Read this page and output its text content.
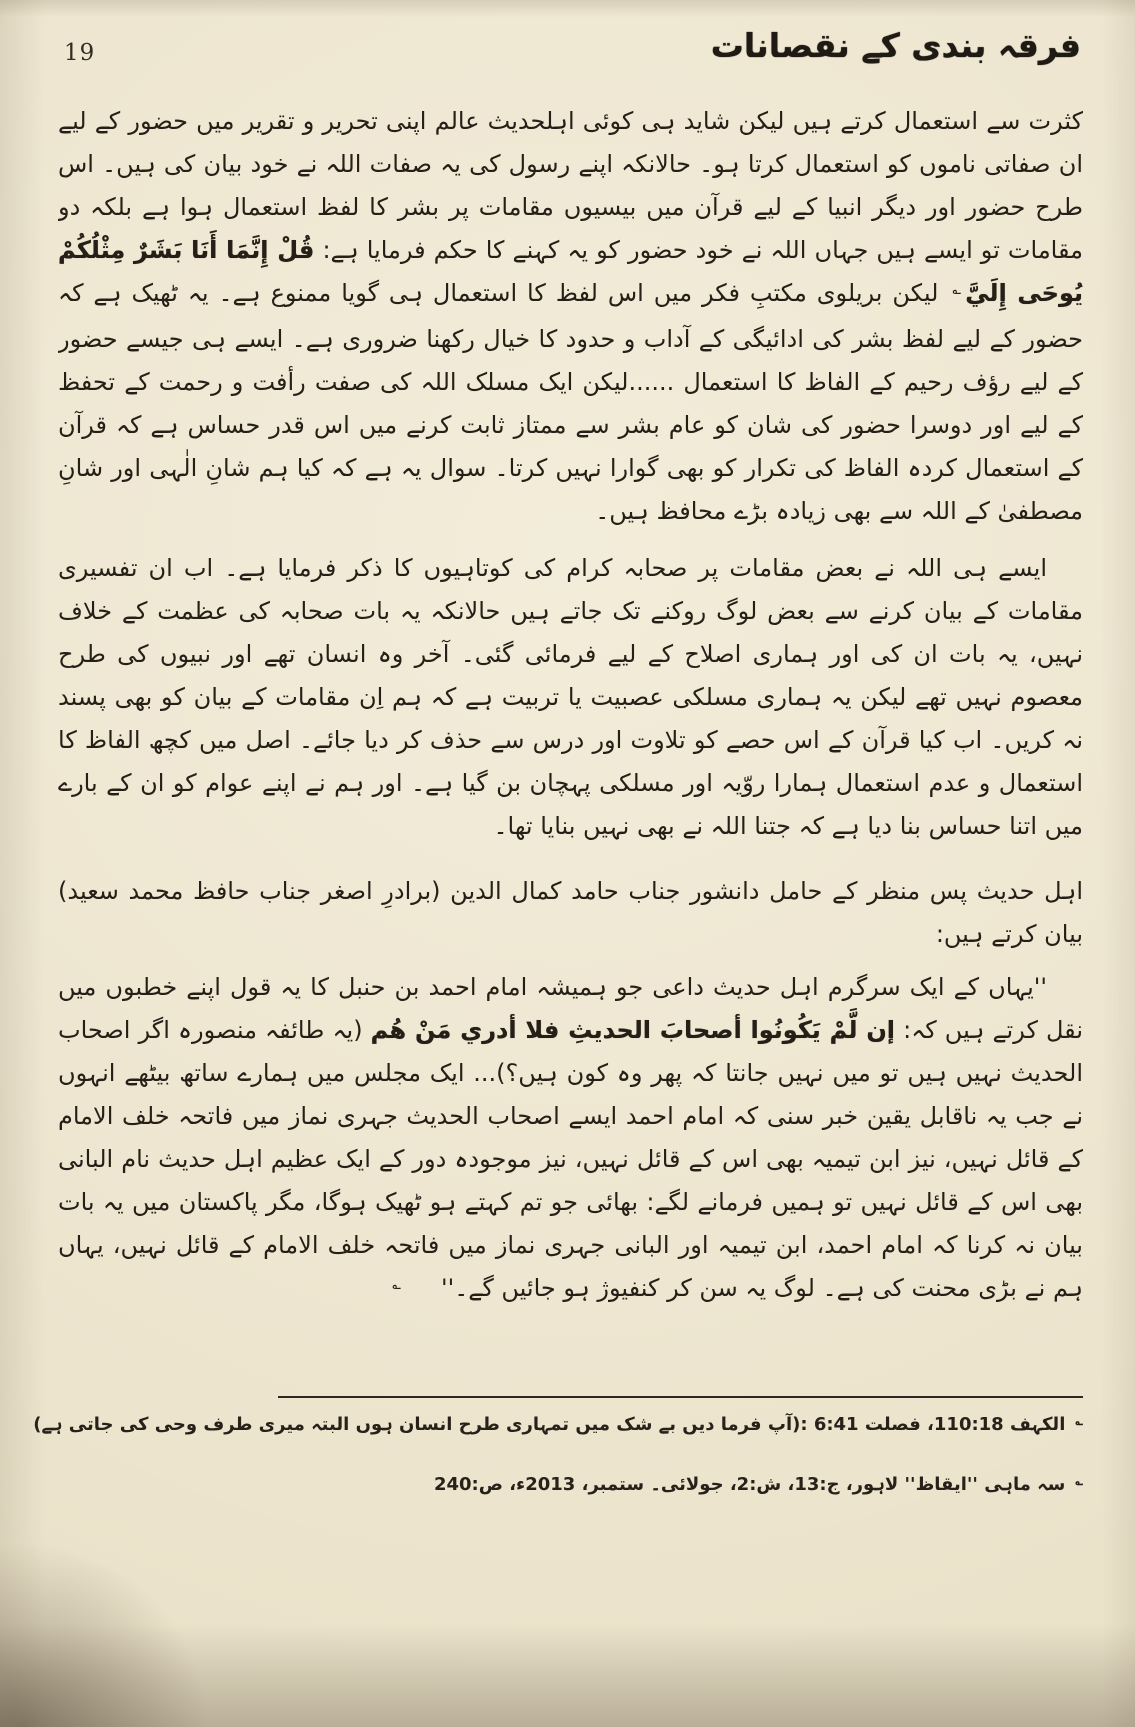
19	فرقہ بندی کے نقصانات

کثرت سے استعمال کرتے ہیں لیکن شاید ہی کوئی اہلحدیث عالم اپنی تحریر و تقریر میں حضور کے لیے ان صفاتی ناموں کو استعمال کرتا ہو۔ حالانکہ اپنے رسول کی یہ صفات اللہ نے خود بیان کی ہیں۔ اس طرح حضور اور دیگر انبیا کے لیے قرآن میں بیسیوں مقامات پر بشر کا لفظ استعمال ہوا ہے بلکہ دو مقامات تو ایسے ہیں جہاں اللہ نے خود حضور کو یہ کہنے کا حکم فرمایا ہے: قُلْ إِنَّمَا أَنَا بَشَرٌ مِثْلُكُمْ يُوحَى إِلَيَّ؎ لیکن بریلوی مکتبِ فکر میں اس لفظ کا استعمال ہی گویا ممنوع ہے۔ یہ ٹھیک ہے کہ حضور کے لیے لفظ بشر کی ادائیگی کے آداب و حدود کا خیال رکھنا ضروری ہے۔ ایسے ہی جیسے حضور کے لیے رؤف رحیم کے الفاظ کا استعمال ......لیکن ایک مسلک اللہ کی صفت رأفت و رحمت کے تحفظ کے لیے اور دوسرا حضور کی شان کو عام بشر سے ممتاز ثابت کرنے میں اس قدر حساس ہے کہ قرآن کے استعمال کردہ الفاظ کی تکرار کو بھی گوارا نہیں کرتا۔ سوال یہ ہے کہ کیا ہم شانِ الٰہی اور شانِ مصطفیٰ کے اللہ سے بھی زیادہ بڑے محافظ ہیں۔

ایسے ہی اللہ نے بعض مقامات پر صحابہ کرام کی کوتاہیوں کا ذکر فرمایا ہے۔ اب ان تفسیری مقامات کے بیان کرنے سے بعض لوگ روکنے تک جاتے ہیں حالانکہ یہ بات صحابہ کی عظمت کے خلاف نہیں، یہ بات ان کی اور ہماری اصلاح کے لیے فرمائی گئی۔ آخر وہ انسان تھے اور نبیوں کی طرح معصوم نہیں تھے لیکن یہ ہماری مسلکی عصبیت یا تربیت ہے کہ ہم اِن مقامات کے بیان کو بھی پسند نہ کریں۔ اب کیا قرآن کے اس حصے کو تلاوت اور درس سے حذف کر دیا جائے۔ اصل میں کچھ الفاظ کا استعمال و عدم استعمال ہمارا روّیہ اور مسلکی پہچان بن گیا ہے۔ اور ہم نے اپنے عوام کو ان کے بارے میں اتنا حساس بنا دیا ہے کہ جتنا اللہ نے بھی نہیں بنایا تھا۔

اہل حدیث پس منظر کے حامل دانشور جناب حامد کمال الدین (برادرِ اصغر جناب حافظ محمد سعید) بیان کرتے ہیں:

''یہاں کے ایک سرگرم اہل حدیث داعی جو ہمیشہ امام احمد بن حنبل کا یہ قول اپنے خطبوں میں نقل کرتے ہیں کہ: إن لَّمْ يَكُونُوا أصحابَ الحديثِ فلا أدري مَنْ هُم (یہ طائفہ منصورہ اگر اصحاب الحدیث نہیں ہیں تو میں نہیں جانتا کہ پھر وہ کون ہیں؟)... ایک مجلس میں ہمارے ساتھ بیٹھے انہوں نے جب یہ ناقابل یقین خبر سنی کہ امام احمد ایسے اصحاب الحدیث جہری نماز میں فاتحہ خلف الامام کے قائل نہیں، نیز ابن تیمیہ بھی اس کے قائل نہیں، نیز موجودہ دور کے ایک عظیم اہل حدیث نام البانی بھی اس کے قائل نہیں تو ہمیں فرمانے لگے: بھائی جو تم کہتے ہو ٹھیک ہوگا، مگر پاکستان میں یہ بات بیان نہ کرنا کہ امام احمد، ابن تیمیہ اور البانی جہری نماز میں فاتحہ خلف الامام کے قائل نہیں، یہاں ہم نے بڑی محنت کی ہے۔ لوگ یہ سن کر کنفیوژ ہو جائیں گے۔''؎

؎الکہف 110:18، فصلت 6:41 :(آپ فرما دیں بے شک میں تمہاری طرح انسان ہوں البتہ میری طرف وحی کی جاتی ہے)
؎سہ ماہی ''ایقاظ'' لاہور، ج:13، ش:2، جولائی۔ ستمبر، 2013ء، ص:240
